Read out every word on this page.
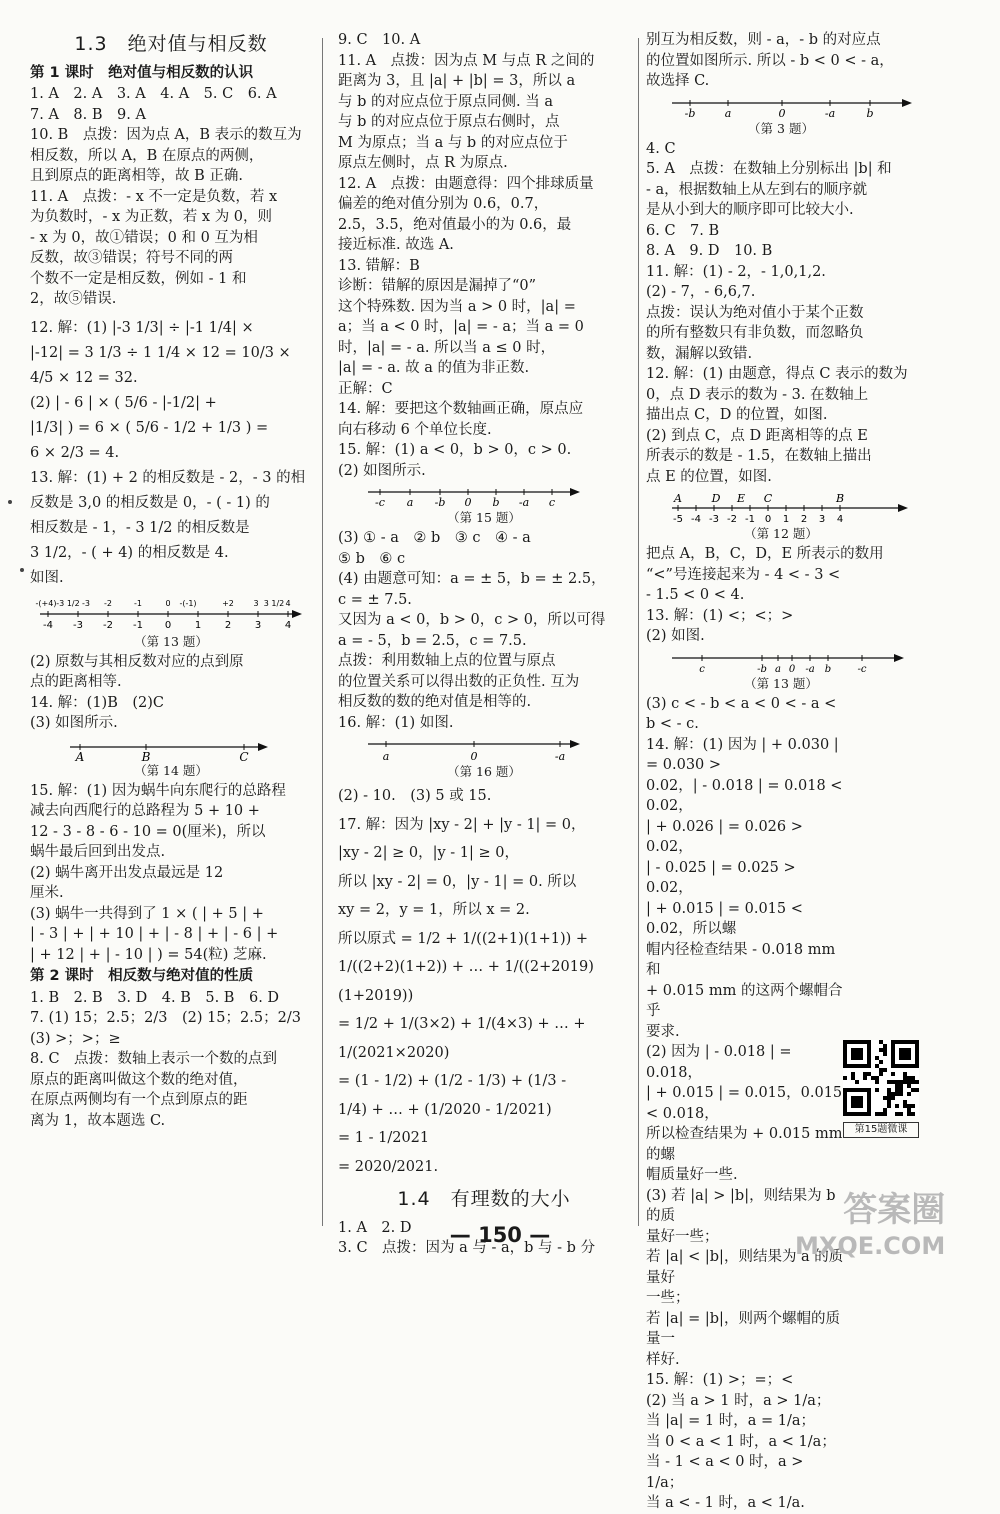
1.3　绝对值与相反数
第 1 课时　绝对值与相反数的认识
1. A　2. A　3. A　4. A　5. C　6. A
7. A　8. B　9. A
10. B　点拨：因为点 A，B 表示的数互为
相反数，所以 A，B 在原点的两侧，
且到原点的距离相等，故 B 正确.
11. A　点拨：- x 不一定是负数，若 x
为负数时，- x 为正数，若 x 为 0，则
- x 为 0，故①错误；0 和 0 互为相
反数，故③错误；符号不同的两
个数不一定是相反数，例如 - 1 和
2，故⑤错误.
12. 解：(1) |-3 1/3| ÷ |-1 1/4| ×
|-12| = 3 1/3 ÷ 1 1/4 × 12 = 10/3 ×
4/5 × 12 = 32.
(2) | - 6 | × ( 5/6 - |-1/2| +
|1/3| ) = 6 × ( 5/6 - 1/2 + 1/3 ) =
6 × 2/3 = 4.
13. 解：(1) + 2 的相反数是 - 2，- 3 的相
反数是 3,0 的相反数是 0，- ( - 1) 的
相反数是 - 1，- 3 1/2 的相反数是
3 1/2，- ( + 4) 的相反数是 4.
如图.
-(+4) -3 1/2 -3 -2	-1	0 -(-1)	+2 3 3 1/2 4
-4 -3 -2 -1 0 1 2 3 4
（第 13 题）
(2) 原数与其相反数对应的点到原
点的距离相等.
14. 解：(1)B　(2)C
(3) 如图所示.
A	B	C
（第 14 题）
15. 解：(1) 因为蜗牛向东爬行的总路程
减去向西爬行的总路程为 5 + 10 +
12 - 3 - 8 - 6 - 10 = 0(厘米)，所以
蜗牛最后回到出发点.
(2) 蜗牛离开出发点最远是 12
厘米.
(3) 蜗牛一共得到了 1 × ( | + 5 | +
| - 3 | + | + 10 | + | - 8 | + | - 6 | +
| + 12 | + | - 10 | ) = 54(粒) 芝麻.
第 2 课时　相反数与绝对值的性质
1. B　2. B　3. D　4. B　5. B　6. D
7. (1) 15；2.5；2/3　(2) 15；2.5；2/3
(3) >；>；≥
8. C　点拨：数轴上表示一个数的点到
原点的距离叫做这个数的绝对值，
在原点两侧均有一个点到原点的距
离为 1，故本题选 C.
9. C　10. A
11. A　点拨：因为点 M 与点 R 之间的
距离为 3，且 |a| + |b| = 3，所以 a
与 b 的对应点位于原点同侧. 当 a
与 b 的对应点位于原点右侧时，点
M 为原点；当 a 与 b 的对应点位于
原点左侧时，点 R 为原点.
12. A　点拨：由题意得：四个排球质量
偏差的绝对值分别为 0.6，0.7，
2.5，3.5，绝对值最小的为 0.6，最
接近标准. 故选 A.
13. 错解：B
诊断：错解的原因是漏掉了“0”
这个特殊数. 因为当 a > 0 时，|a| =
a；当 a < 0 时，|a| = - a；当 a = 0
时，|a| = - a. 所以当 a ≤ 0 时，
|a| = - a. 故 a 的值为非正数.
正解：C
14. 解：要把这个数轴画正确，原点应
向右移动 6 个单位长度.
15. 解：(1) a < 0，b > 0，c > 0.
(2) 如图所示.
-c a -b 0 b -a c
（第 15 题）
(3) ① - a　② b　③ c　④ - a
⑤ b　⑥ c
(4) 由题意可知：a = ± 5，b = ± 2.5，
c = ± 7.5.
又因为 a < 0，b > 0，c > 0，所以可得
a = - 5，b = 2.5，c = 7.5.
点拨：利用数轴上点的位置与原点
的位置关系可以得出数的正负性. 互为
相反数的数的绝对值是相等的.
16. 解：(1) 如图.
a	0	-a
（第 16 题）
(2) - 10.　(3) 5 或 15.
17. 解：因为 |xy - 2| + |y - 1| = 0，
|xy - 2| ≥ 0，|y - 1| ≥ 0，
所以 |xy - 2| = 0，|y - 1| = 0. 所以
xy = 2，y = 1，所以 x = 2.
所以原式 = 1/2 + 1/((2+1)(1+1)) +
1/((2+2)(1+2)) + … + 1/((2+2019)(1+2019))
= 1/2 + 1/(3×2) + 1/(4×3) + … + 1/(2021×2020)
= (1 - 1/2) + (1/2 - 1/3) + (1/3 -
1/4) + … + (1/2020 - 1/2021)
= 1 - 1/2021
= 2020/2021.
1.4　有理数的大小
1. A　2. D
3. C　点拨：因为 a 与 - a，b 与 - b 分
别互为相反数，则 - a，- b 的对应点
的位置如图所示. 所以 - b < 0 < - a，
故选择 C.
-b	a	0	-a	b
（第 3 题）
4. C
5. A　点拨：在数轴上分别标出 |b| 和
- a，根据数轴上从左到右的顺序就
是从小到大的顺序即可比较大小.
6. C　7. B
8. A　9. D　10. B
11. 解：(1) - 2，- 1,0,1,2.
(2) - 7，- 6,6,7.
点拨：误认为绝对值小于某个正数
的所有整数只有非负数，而忽略负
数，漏解以致错.
12. 解：(1) 由题意，得点 C 表示的数为
0，点 D 表示的数为 - 3. 在数轴上
描出点 C，D 的位置，如图.
(2) 到点 C，点 D 距离相等的点 E
所表示的数是 - 1.5，在数轴上描出
点 E 的位置，如图.
A	D E C	B
-5 -4 -3 -2 -1 0 1 2 3 4
（第 12 题）
把点 A，B，C，D，E 所表示的数用
“<”号连接起来为 - 4 < - 3 <
- 1.5 < 0 < 4.
13. 解：(1) <；<；>
(2) 如图.
c	-b a 0 -a b	-c
（第 13 题）
(3) c < - b < a < 0 < - a < b < - c.
14. 解：(1) 因为 | + 0.030 | = 0.030 >
0.02，| - 0.018 | = 0.018 < 0.02，
| + 0.026 | = 0.026 > 0.02，
| - 0.025 | = 0.025 > 0.02，
| + 0.015 | = 0.015 < 0.02，所以螺
帽内径检查结果 - 0.018 mm 和
+ 0.015 mm 的这两个螺帽合乎
要求.
(2) 因为 | - 0.018 | = 0.018，
| + 0.015 | = 0.015，0.015 < 0.018，
所以检查结果为 + 0.015 mm 的螺
帽质量好一些.
(3) 若 |a| > |b|，则结果为 b 的质
量好一些；
若 |a| < |b|，则结果为 a 的质量好
一些；
若 |a| = |b|，则两个螺帽的质量一
样好.
15. 解：(1) >；=；<
(2) 当 a > 1 时，a > 1/a；
当 |a| = 1 时，a = 1/a；
当 0 < a < 1 时，a < 1/a；
当 - 1 < a < 0 时，a > 1/a；
当 a < - 1 时，a < 1/a.
第15题微课
— 150 —
答案圈
MXQE.COM
